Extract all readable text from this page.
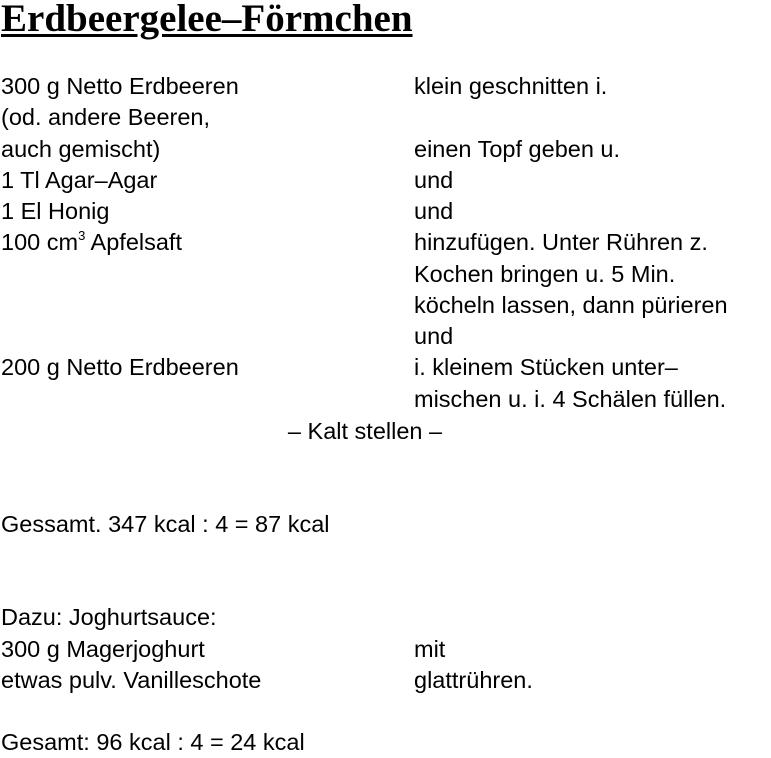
Erdbeergelee–Förmchen
300 g Netto Erdbeeren	klein geschnitten i.
(od. andere Beeren,
auch gemischt)	einen Topf geben u.
1 Tl Agar–Agar	und
1 El Honig	und
100 $cm^3$ Apfelsaft	hinzufügen. Unter Rühren z.
Kochen bringen u. 5 Min.
köcheln lassen, dann pürieren
und
200 g Netto Erdbeeren	i. kleinem Stücken unter–
mischen u. i. 4 Schälen füllen.
– Kalt stellen –
Gessamt. 347 kcal : 4 = 87 kcal
Dazu: Joghurtsauce:
300 g Magerjoghurt	mit
etwas pulv. Vanilleschote	glattrühren.
Gesamt: 96 kcal : 4 = 24 kcal
